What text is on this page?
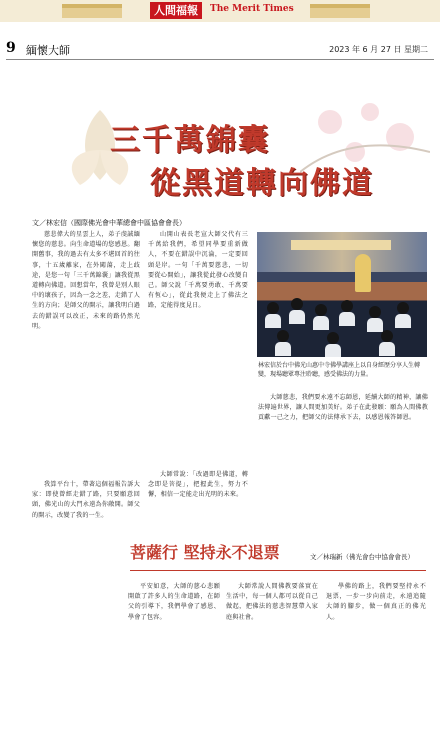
人間福報	The Merit Times
9 緬懷大師	2023 年 6 月 27 日 星期二
三千萬錦囊
從黑道轉向佛道
文／林宏信（國際佛光會中華總會中區協會會長）

慈悲偉大的星雲上人，弟子虔誠緬懷您的慈悲。向生命道場的您感恩。翻開舊事，我的過去有太多不堪回首的往事，十五歲離家，在外闖蕩，走上歧途，是您一句「三千萬錦囊」讓我從黑道轉向佛道。回想當年，我曾是別人眼中的壞孩子，因為一念之差，走錯了人生的方向；是師父的開示，讓我明白過去的錯誤可以改正，未來的路仍然光明。

山開山表長老宣大師父代有三千萬給我們，希望同學要重新做人，不要在錯誤中沉淪，一定要回頭是岸。一句「千萬要慈悲，一切要從心開始」，讓我從此發心改變自己。師父說「千萬要勇敢、千萬要有恆心」，從此我便走上了佛法之路，定能得度見日。

我算平台十，帶著這個福報告訴大家：即使曾經走錯了路，只要願意回頭，佛光山的大門永遠為你敞開。師父的開示，改變了我的一生。

大師常說：「改過即是佛道，轉念即是菩提」，把握此生，努力不懈，相信一定能走出光明的未來。

林宏信於台中佛光山惠中寺佛學講座上以自身經歷分享人生轉變，現場聽眾專注聆聽，感受佛法的力量。

大師慈悲，我們要永遠不忘師恩，延續大師的精神，讓佛法傳遍世界，讓人間更加美好。弟子在此發願：願為人間佛教貢獻一己之力，把師父的法傳承下去，以感恩報答師恩。

菩薩行 堅持永不退票	文／林瑞新（佛光會台中協會會長）

平安如意，大師的慈心悲願開啟了許多人的生命道路，在師父的引導下，我們學會了感恩、學會了包容。

大師常說人間佛教要落實在生活中，每一個人都可以從自己做起，把佛法的慈悲智慧帶入家庭與社會。

學佛的路上，我們要堅持永不退票，一步一步向前走，永遠追隨大師的腳步，做一個真正的佛光人。
